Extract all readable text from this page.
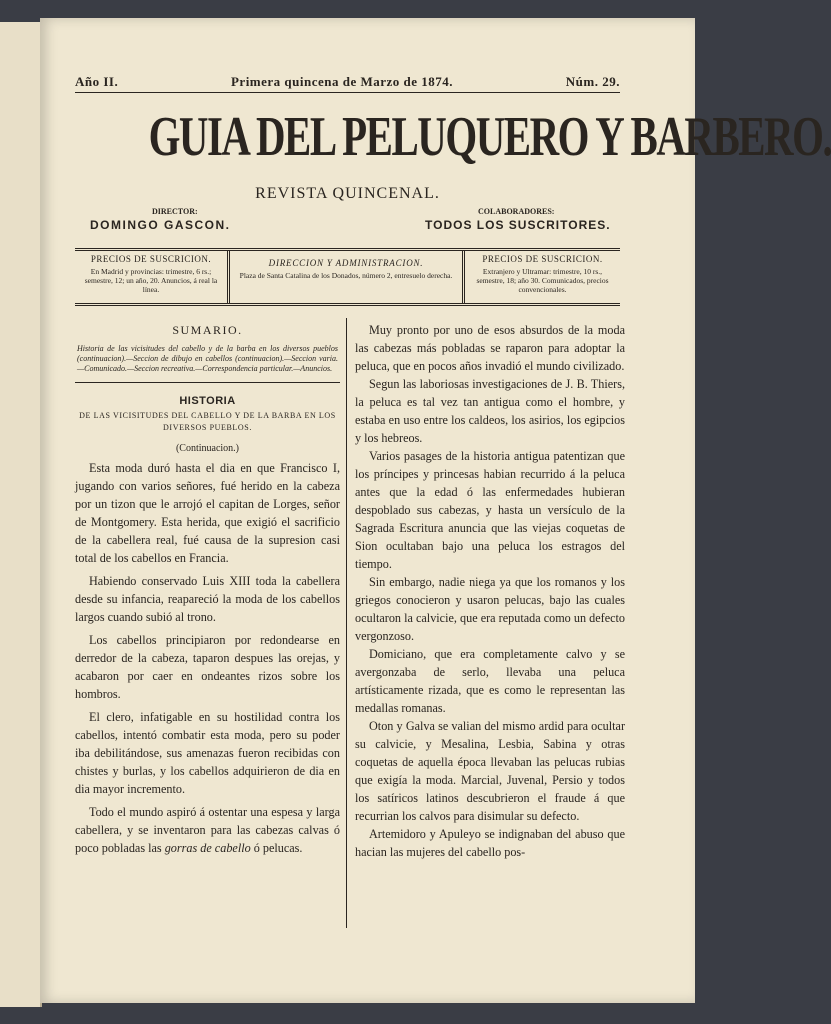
Año II.	Primera quincena de Marzo de 1874.	Núm. 29.
GUIA DEL PELUQUERO Y BARBERO.
REVISTA QUINCENAL.
DIRECTOR:
DOMINGO GASCON.
COLABORADORES:
TODOS LOS SUSCRITORES.
PRECIOS DE SUSCRICION.
En Madrid y provincias: trimestre, 6 rs.; semestre, 12; un año, 20. Anuncios, á real la línea.
DIRECCION Y ADMINISTRACION.
Plaza de Santa Catalina de los Donados, número 2, entresuelo derecha.
PRECIOS DE SUSCRICION.
Extranjero y Ultramar: trimestre, 10 rs., semestre, 18; año 30. Comunicados, precios convencionales.
SUMARIO.
Historia de las vicisitudes del cabello y de la barba en los diversos pueblos (continuacion).—Seccion de dibujo en cabellos (continuacion).—Seccion varia.—Comunicado.—Seccion recreativa.—Correspondencia particular.—Anuncios.
HISTORIA
DE LAS VICISITUDES DEL CABELLO Y DE LA BARBA EN LOS DIVERSOS PUEBLOS.
(Continuacion.)

Esta moda duró hasta el dia en que Francisco I, jugando con varios señores, fué herido en la cabeza por un tizon que le arrojó el capitan de Lorges, señor de Montgomery. Esta herida, que exigió el sacrificio de la cabellera real, fué causa de la supresion casi total de los cabellos en Francia.

Habiendo conservado Luis XIII toda la cabellera desde su infancia, reapareció la moda de los cabellos largos cuando subió al trono.

Los cabellos principiaron por redondearse en derredor de la cabeza, taparon despues las orejas, y acabaron por caer en ondeantes rizos sobre los hombros.

El clero, infatigable en su hostilidad contra los cabellos, intentó combatir esta moda, pero su poder iba debilitándose, sus amenazas fueron recibidas con chistes y burlas, y los cabellos adquirieron de dia en dia mayor incremento.

Todo el mundo aspiró á ostentar una espesa y larga cabellera, y se inventaron para las cabezas calvas ó poco pobladas las gorras de cabello ó pelucas.

Muy pronto por uno de esos absurdos de la moda las cabezas más pobladas se raparon para adoptar la peluca, que en pocos años invadió el mundo civilizado.

Segun las laboriosas investigaciones de J. B. Thiers, la peluca es tal vez tan antigua como el hombre, y estaba en uso entre los caldeos, los asirios, los egipcios y los hebreos.

Varios pasages de la historia antigua patentizan que los príncipes y princesas habian recurrido á la peluca antes que la edad ó las enfermedades hubieran despoblado sus cabezas, y hasta un versículo de la Sagrada Escritura anuncia que las viejas coquetas de Sion ocultaban bajo una peluca los estragos del tiempo.

Sin embargo, nadie niega ya que los romanos y los griegos conocieron y usaron pelucas, bajo las cuales ocultaron la calvicie, que era reputada como un defecto vergonzoso.

Domiciano, que era completamente calvo y se avergonzaba de serlo, llevaba una peluca artísticamente rizada, que es como le representan las medallas romanas.

Oton y Galva se valian del mismo ardid para ocultar su calvicie, y Mesalina, Lesbia, Sabina y otras coquetas de aquella época llevaban las pelucas rubias que exigía la moda. Marcial, Juvenal, Persio y todos los satíricos latinos descubrieron el fraude á que recurrian los calvos para disimular su defecto.

Artemidoro y Apuleyo se indignaban del abuso que hacian las mujeres del cabello pos-
